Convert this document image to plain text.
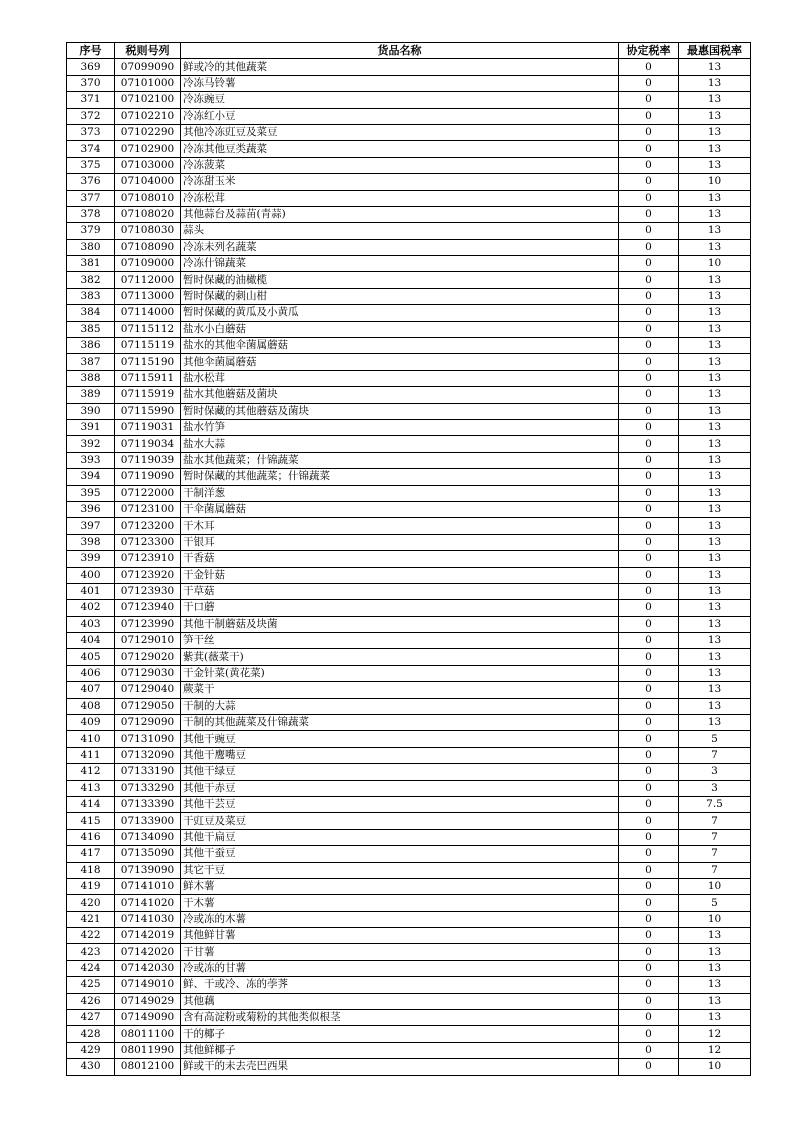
序号	税则号列	货品名称	协定税率	最惠国税率
369	07099090	鲜或冷的其他蔬菜	0	13
370	07101000	冷冻马铃薯	0	13
371	07102100	冷冻豌豆	0	13
372	07102210	冷冻红小豆	0	13
373	07102290	其他冷冻豇豆及菜豆	0	13
374	07102900	冷冻其他豆类蔬菜	0	13
375	07103000	冷冻菠菜	0	13
376	07104000	冷冻甜玉米	0	10
377	07108010	冷冻松茸	0	13
378	07108020	其他蒜台及蒜苗(青蒜)	0	13
379	07108030	蒜头	0	13
380	07108090	冷冻未列名蔬菜	0	13
381	07109000	冷冻什锦蔬菜	0	10
382	07112000	暂时保藏的油橄榄	0	13
383	07113000	暂时保藏的刺山柑	0	13
384	07114000	暂时保藏的黄瓜及小黄瓜	0	13
385	07115112	盐水小白蘑菇	0	13
386	07115119	盐水的其他伞菌属蘑菇	0	13
387	07115190	其他伞菌属蘑菇	0	13
388	07115911	盐水松茸	0	13
389	07115919	盐水其他蘑菇及菌块	0	13
390	07115990	暂时保藏的其他蘑菇及菌块	0	13
391	07119031	盐水竹笋	0	13
392	07119034	盐水大蒜	0	13
393	07119039	盐水其他蔬菜；什锦蔬菜	0	13
394	07119090	暂时保藏的其他蔬菜；什锦蔬菜	0	13
395	07122000	干制洋葱	0	13
396	07123100	干伞菌属蘑菇	0	13
397	07123200	干木耳	0	13
398	07123300	干银耳	0	13
399	07123910	干香菇	0	13
400	07123920	干金针菇	0	13
401	07123930	干草菇	0	13
402	07123940	干口蘑	0	13
403	07123990	其他干制蘑菇及块菌	0	13
404	07129010	笋干丝	0	13
405	07129020	紫萁(薇菜干)	0	13
406	07129030	干金针菜(黄花菜)	0	13
407	07129040	蕨菜干	0	13
408	07129050	干制的大蒜	0	13
409	07129090	干制的其他蔬菜及什锦蔬菜	0	13
410	07131090	其他干豌豆	0	5
411	07132090	其他干鹰嘴豆	0	7
412	07133190	其他干绿豆	0	3
413	07133290	其他干赤豆	0	3
414	07133390	其他干芸豆	0	7.5
415	07133900	干豇豆及菜豆	0	7
416	07134090	其他干扁豆	0	7
417	07135090	其他干蚕豆	0	7
418	07139090	其它干豆	0	7
419	07141010	鲜木薯	0	10
420	07141020	干木薯	0	5
421	07141030	冷或冻的木薯	0	10
422	07142019	其他鲜甘薯	0	13
423	07142020	干甘薯	0	13
424	07142030	冷或冻的甘薯	0	13
425	07149010	鲜、干或冷、冻的荸荠	0	13
426	07149029	其他藕	0	13
427	07149090	含有高淀粉或菊粉的其他类似根茎	0	13
428	08011100	干的椰子	0	12
429	08011990	其他鲜椰子	0	12
430	08012100	鲜或干的未去壳巴西果	0	10
